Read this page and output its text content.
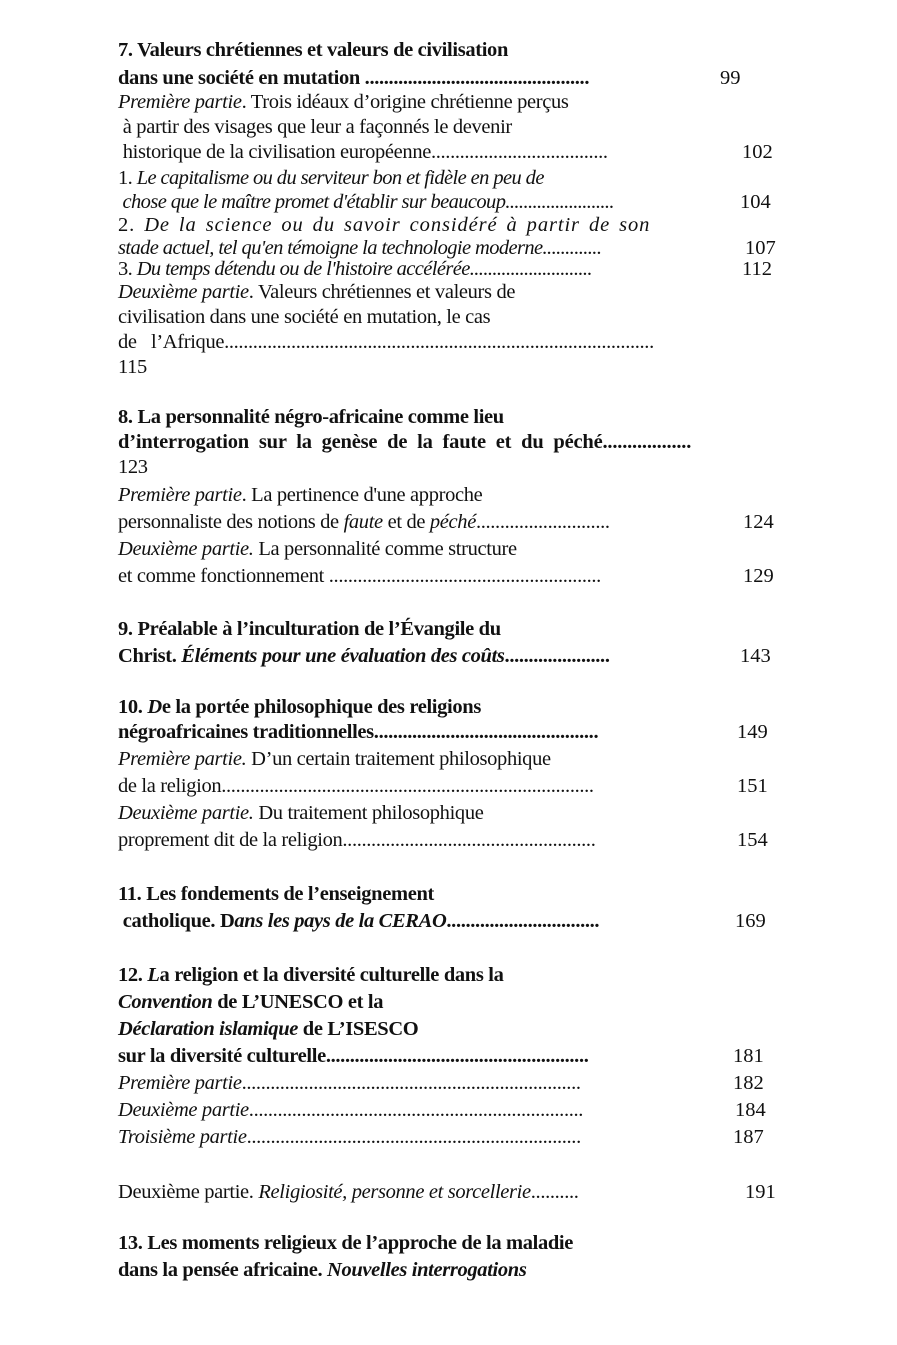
7. Valeurs chrétiennes et valeurs de civilisation
dans une société en mutation ...............................................	99
Première partie. Trois idéaux d’origine chrétienne perçus
à partir des visages que leur a façonnés le devenir
historique de la civilisation européenne.....................................	102
1. Le capitalisme ou du serviteur bon et fidèle en peu de
chose que le maître promet d'établir sur beaucoup........................	104
2. De la science ou du savoir considéré à partir de son
stade actuel, tel qu'en témoigne la technologie moderne.............	107
3. Du temps détendu ou de l'histoire accélérée...........................	112
Deuxième partie. Valeurs chrétiennes et valeurs de
civilisation dans une société en mutation, le cas
de   l’Afrique..........................................................................................
115
8. La personnalité négro-africaine comme lieu
d’interrogation  sur  la  genèse  de  la  faute  et  du  péché..................
123
Première partie. La pertinence d'une approche
personnaliste des notions de faute et de péché............................	124
Deuxième partie. La personnalité comme structure
et comme fonctionnement .........................................................	129
9. Préalable à l’inculturation de l’Évangile du
Christ. Éléments pour une évaluation des coûts......................	143
10. De la portée philosophique des religions
négroafricaines traditionnelles...............................................	149
Première partie. D’un certain traitement philosophique
de la religion..............................................................................	151
Deuxième partie. Du traitement philosophique
proprement dit de la religion.....................................................	154
11. Les fondements de l’enseignement
catholique. Dans les pays de la CERAO................................	169
12. La religion et la diversité culturelle dans la
Convention de L’UNESCO et la
Déclaration islamique de L’ISESCO
sur la diversité culturelle.......................................................	181
Première partie.......................................................................	182
Deuxième partie......................................................................	184
Troisième partie......................................................................	187
Deuxième partie. Religiosité, personne et sorcellerie..........	191
13. Les moments religieux de l’approche de la maladie
dans la pensée africaine. Nouvelles interrogations
